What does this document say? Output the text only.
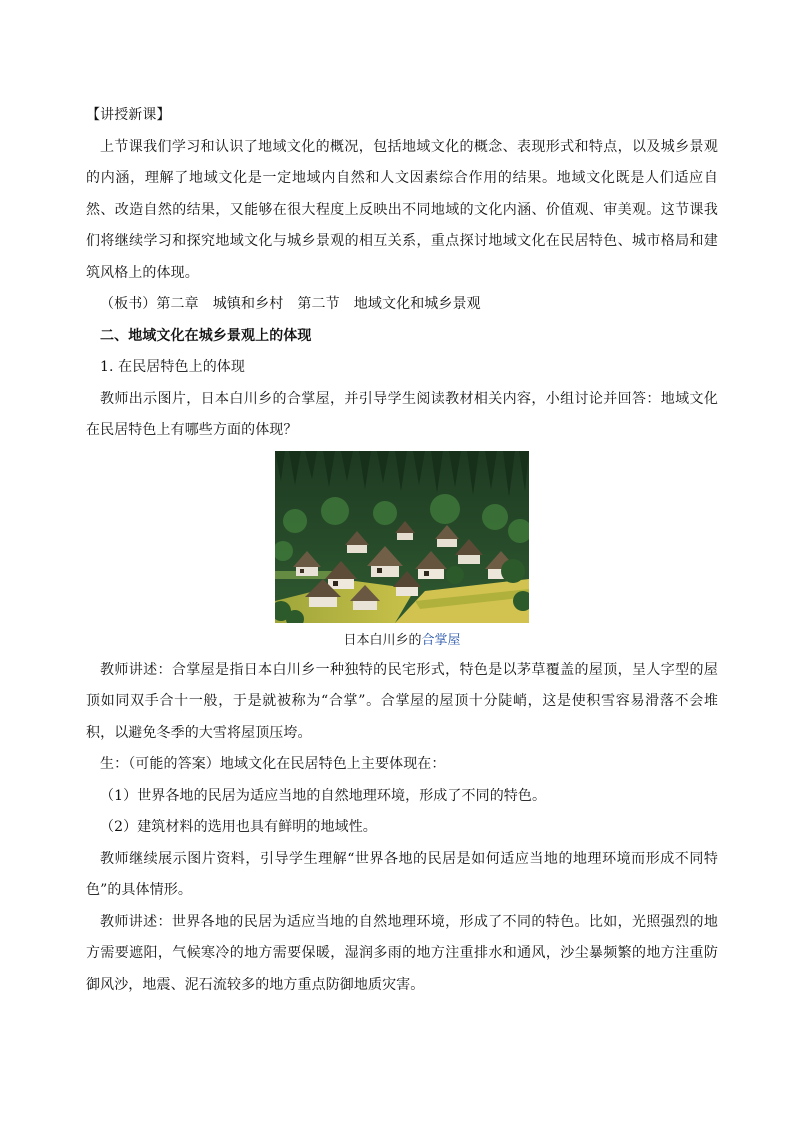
【讲授新课】

上节课我们学习和认识了地域文化的概况，包括地域文化的概念、表现形式和特点，以及城乡景观的内涵，理解了地域文化是一定地域内自然和人文因素综合作用的结果。地域文化既是人们适应自然、改造自然的结果，又能够在很大程度上反映出不同地域的文化内涵、价值观、审美观。这节课我们将继续学习和探究地域文化与城乡景观的相互关系，重点探讨地域文化在民居特色、城市格局和建筑风格上的体现。

（板书）第二章　城镇和乡村　第二节　地域文化和城乡景观

二、地域文化在城乡景观上的体现

1. 在民居特色上的体现

教师出示图片，日本白川乡的合掌屋，并引导学生阅读教材相关内容，小组讨论并回答：地域文化在民居特色上有哪些方面的体现？

日本白川乡的合掌屋

教师讲述：合掌屋是指日本白川乡一种独特的民宅形式，特色是以茅草覆盖的屋顶，呈人字型的屋顶如同双手合十一般，于是就被称为“合掌”。合掌屋的屋顶十分陡峭，这是使积雪容易滑落不会堆积，以避免冬季的大雪将屋顶压垮。

生：（可能的答案）地域文化在民居特色上主要体现在：

（1）世界各地的民居为适应当地的自然地理环境，形成了不同的特色。

（2）建筑材料的选用也具有鲜明的地域性。

教师继续展示图片资料，引导学生理解“世界各地的民居是如何适应当地的地理环境而形成不同特色”的具体情形。

教师讲述：世界各地的民居为适应当地的自然地理环境，形成了不同的特色。比如，光照强烈的地方需要遮阳，气候寒冷的地方需要保暖，湿润多雨的地方注重排水和通风，沙尘暴频繁的地方注重防御风沙，地震、泥石流较多的地方重点防御地质灾害。
